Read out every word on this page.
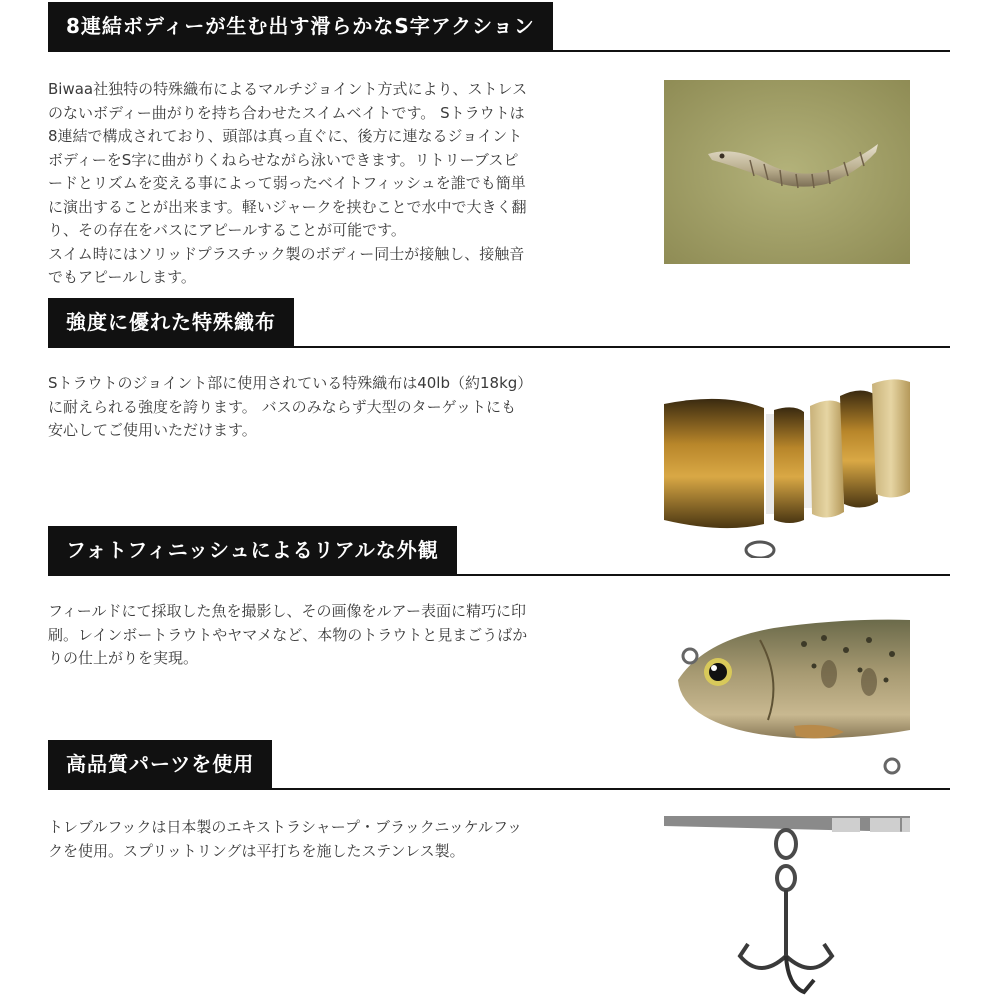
8連結ボディーが生む出す滑らかなS字アクション
Biwaa社独特の特殊織布によるマルチジョイント方式により、ストレス
のないボディー曲がりを持ち合わせたスイムベイトです。 Sトラウトは
8連結で構成されており、頭部は真っ直ぐに、後方に連なるジョイント
ボディーをS字に曲がりくねらせながら泳いできます。リトリーブスピ
ードとリズムを変える事によって弱ったベイトフィッシュを誰でも簡単
に演出することが出来ます。軽いジャークを挟むことで水中で大きく翻
り、その存在をバスにアピールすることが可能です。
スイム時にはソリッドプラスチック製のボディー同士が接触し、接触音
でもアピールします。
強度に優れた特殊織布
Sトラウトのジョイント部に使用されている特殊織布は40lb（約18kg）
に耐えられる強度を誇ります。 バスのみならず大型のターゲットにも
安心してご使用いただけます。
フォトフィニッシュによるリアルな外観
フィールドにて採取した魚を撮影し、その画像をルアー表面に精巧に印
刷。レインボートラウトやヤマメなど、本物のトラウトと見まごうばか
りの仕上がりを実現。
高品質パーツを使用
トレブルフックは日本製のエキストラシャープ・ブラックニッケルフッ
クを使用。スプリットリングは平打ちを施したステンレス製。
